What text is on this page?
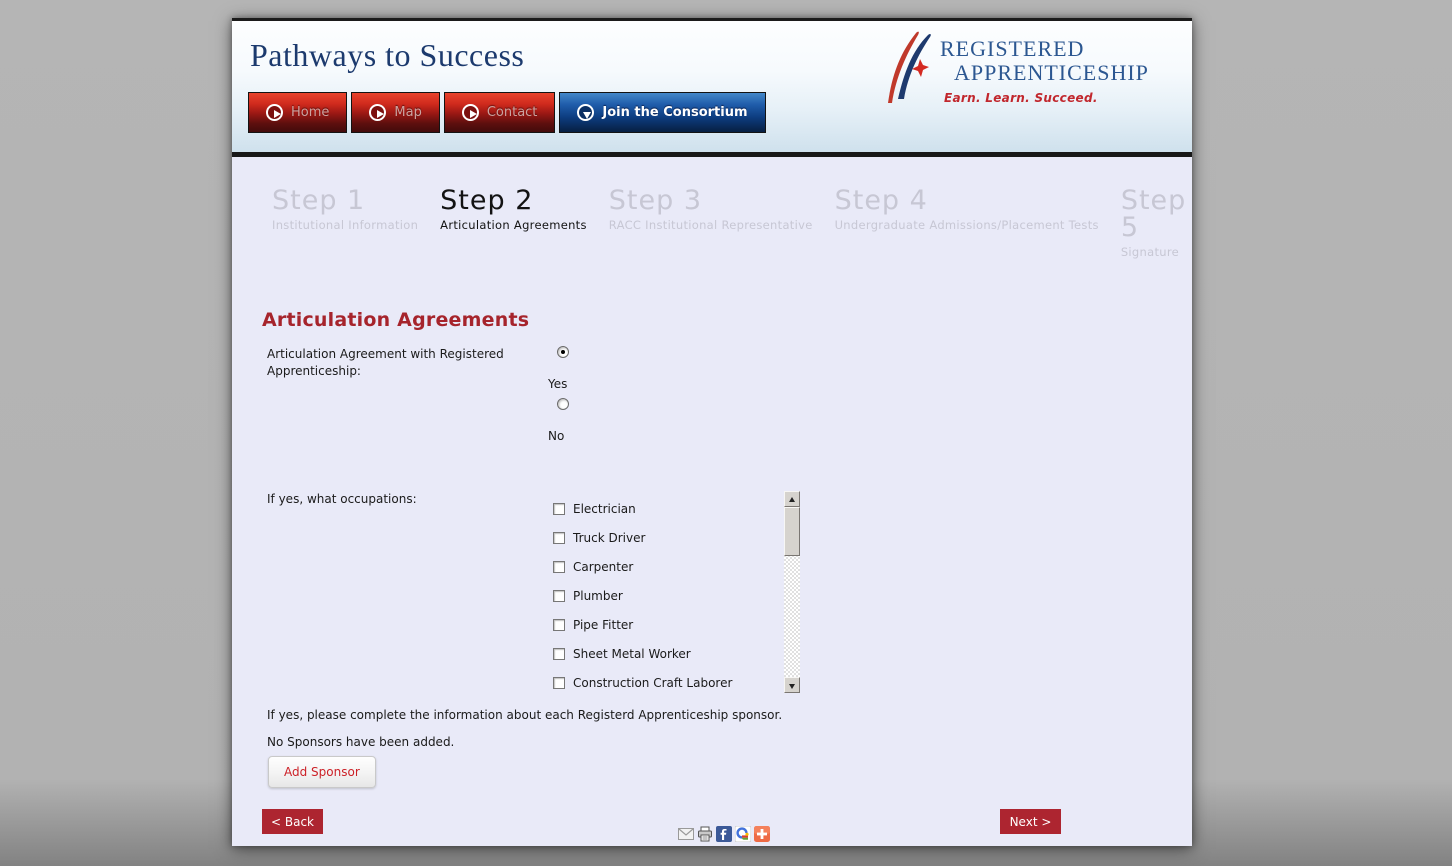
Pathways to Success	REGISTERED
APPRENTICESHIP
Earn. Learn. Succeed.
Home	Map	Contact	Join the Consortium
Step 1
Institutional Information
Step 2
Articulation Agreements
Step 3
RACC Institutional Representative
Step 4
Undergraduate Admissions/Placement Tests
Step 5
Signature
Articulation Agreements
Articulation Agreement with Registered Apprenticeship:
Yes
No
If yes, what occupations:
Electrician
Truck Driver
Carpenter
Plumber
Pipe Fitter
Sheet Metal Worker
Construction Craft Laborer
If yes, please complete the information about each Registerd Apprenticeship sponsor.
No Sponsors have been added.
Add Sponsor
< Back	Next >
